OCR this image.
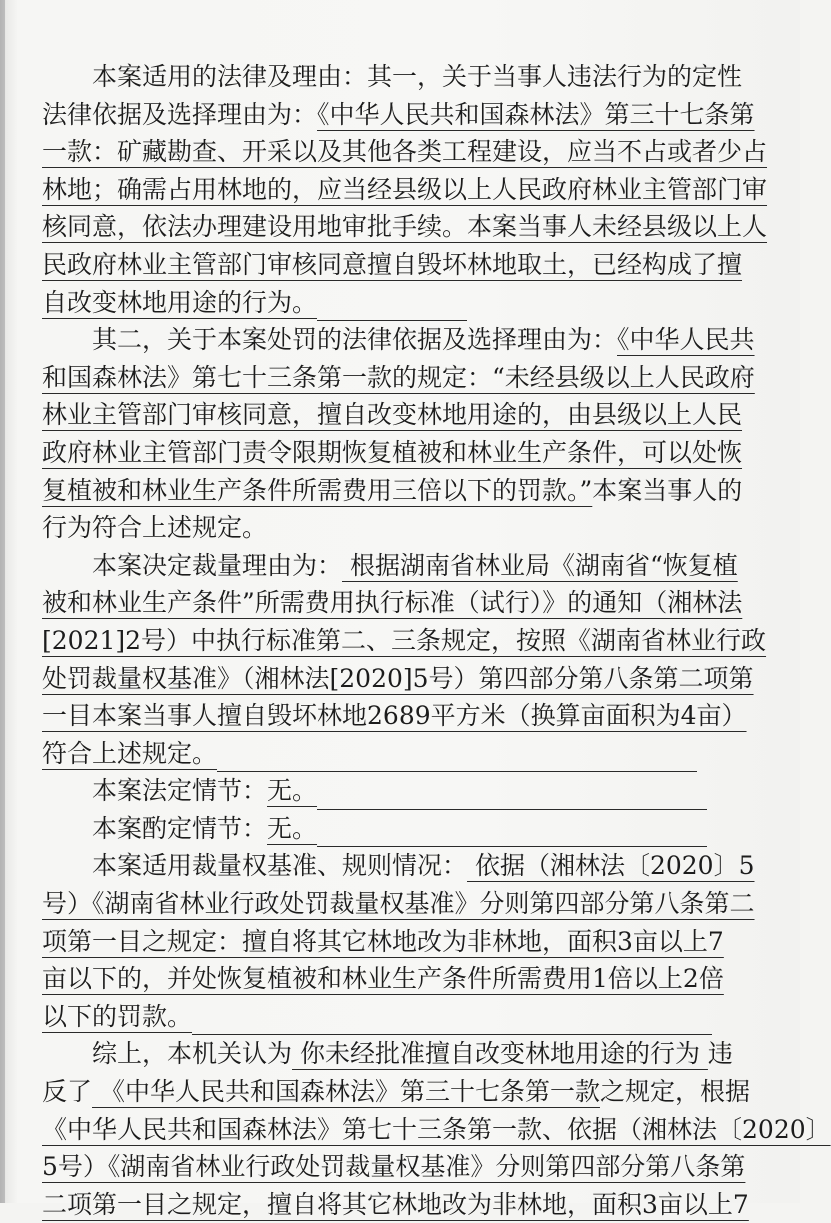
本案适用的法律及理由：其一，关于当事人违法行为的定性
法律依据及选择理由为：《中华人民共和国森林法》第三十七条第
一款：矿藏勘查、开采以及其他各类工程建设，应当不占或者少占
林地；确需占用林地的，应当经县级以上人民政府林业主管部门审
核同意，依法办理建设用地审批手续。本案当事人未经县级以上人
民政府林业主管部门审核同意擅自毁坏林地取土，已经构成了擅
自改变林地用途的行为。
其二，关于本案处罚的法律依据及选择理由为：《中华人民共
和国森林法》第七十三条第一款的规定：“未经县级以上人民政府
林业主管部门审核同意，擅自改变林地用途的，由县级以上人民
政府林业主管部门责令限期恢复植被和林业生产条件，可以处恢
复植被和林业生产条件所需费用三倍以下的罚款。”本案当事人的
行为符合上述规定。
本案决定裁量理由为： 根据湖南省林业局《湖南省“恢复植
被和林业生产条件”所需费用执行标准（试行）》的通知（湘林法
[2021]2号）中执行标准第二、三条规定，按照《湖南省林业行政
处罚裁量权基准》（湘林法[2020]5号）第四部分第八条第二项第
一目本案当事人擅自毁坏林地2689平方米（换算亩面积为4亩）
符合上述规定。
本案法定情节：无。
本案酌定情节：无。
本案适用裁量权基准、规则情况： 依据（湘林法〔2020〕5
号）《湖南省林业行政处罚裁量权基准》分则第四部分第八条第二
项第一目之规定：擅自将其它林地改为非林地，面积3亩以上7
亩以下的，并处恢复植被和林业生产条件所需费用1倍以上2倍
以下的罚款。
综上，本机关认为 你未经批准擅自改变林地用途的行为 违
反了 《中华人民共和国森林法》第三十七条第一款之规定，根据
《中华人民共和国森林法》第七十三条第一款、依据（湘林法〔2020〕
5号）《湖南省林业行政处罚裁量权基准》分则第四部分第八条第
二项第一目之规定，擅自将其它林地改为非林地，面积3亩以上7
